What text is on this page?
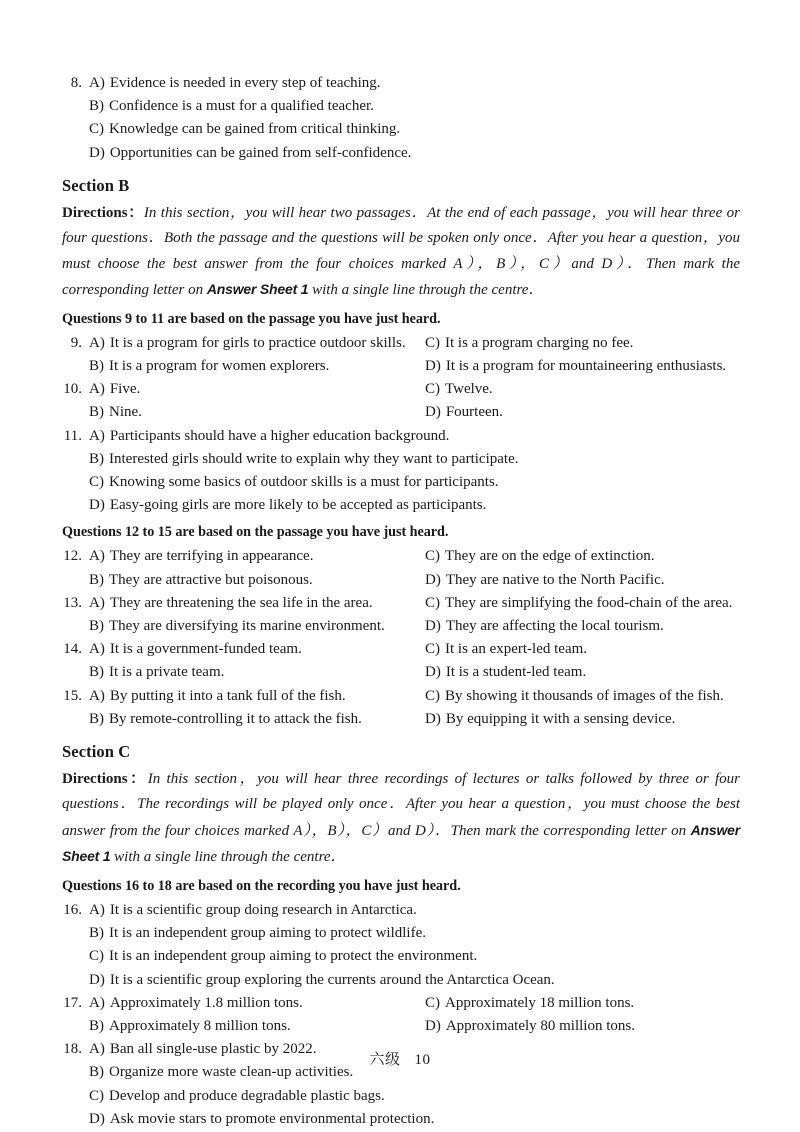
8. A) Evidence is needed in every step of teaching.
B) Confidence is a must for a qualified teacher.
C) Knowledge can be gained from critical thinking.
D) Opportunities can be gained from self-confidence.
Section B

Directions：In this section，you will hear two passages．At the end of each passage，you will hear three or four questions．Both the passage and the questions will be spoken only once．After you hear a question，you must choose the best answer from the four choices marked A），B），C）and D）．Then mark the corresponding letter on Answer Sheet 1 with a single line through the centre．

Questions 9 to 11 are based on the passage you have just heard.
9. A) It is a program for girls to practice outdoor skills.	C) It is a program charging no fee.
B) It is a program for women explorers.	D) It is a program for mountaineering enthusiasts.
10. A) Five.	C) Twelve.
B) Nine.	D) Fourteen.
11. A) Participants should have a higher education background.
B) Interested girls should write to explain why they want to participate.
C) Knowing some basics of outdoor skills is a must for participants.
D) Easy-going girls are more likely to be accepted as participants.
Questions 12 to 15 are based on the passage you have just heard.
12. A) They are terrifying in appearance.	C) They are on the edge of extinction.
B) They are attractive but poisonous.	D) They are native to the North Pacific.
13. A) They are threatening the sea life in the area.	C) They are simplifying the food-chain of the area.
B) They are diversifying its marine environment.	D) They are affecting the local tourism.
14. A) It is a government-funded team.	C) It is an expert-led team.
B) It is a private team.	D) It is a student-led team.
15. A) By putting it into a tank full of the fish.	C) By showing it thousands of images of the fish.
B) By remote-controlling it to attack the fish.	D) By equipping it with a sensing device.
Section C

Directions：In this section，you will hear three recordings of lectures or talks followed by three or four questions．The recordings will be played only once．After you hear a question，you must choose the best answer from the four choices marked A），B），C）and D）．Then mark the corresponding letter on Answer Sheet 1 with a single line through the centre．

Questions 16 to 18 are based on the recording you have just heard.
16. A) It is a scientific group doing research in Antarctica.
B) It is an independent group aiming to protect wildlife.
C) It is an independent group aiming to protect the environment.
D) It is a scientific group exploring the currents around the Antarctica Ocean.
17. A) Approximately 1.8 million tons.	C) Approximately 18 million tons.
B) Approximately 8 million tons.	D) Approximately 80 million tons.
18. A) Ban all single-use plastic by 2022.
B) Organize more waste clean-up activities.
C) Develop and produce degradable plastic bags.
D) Ask movie stars to promote environmental protection.
六级 10
